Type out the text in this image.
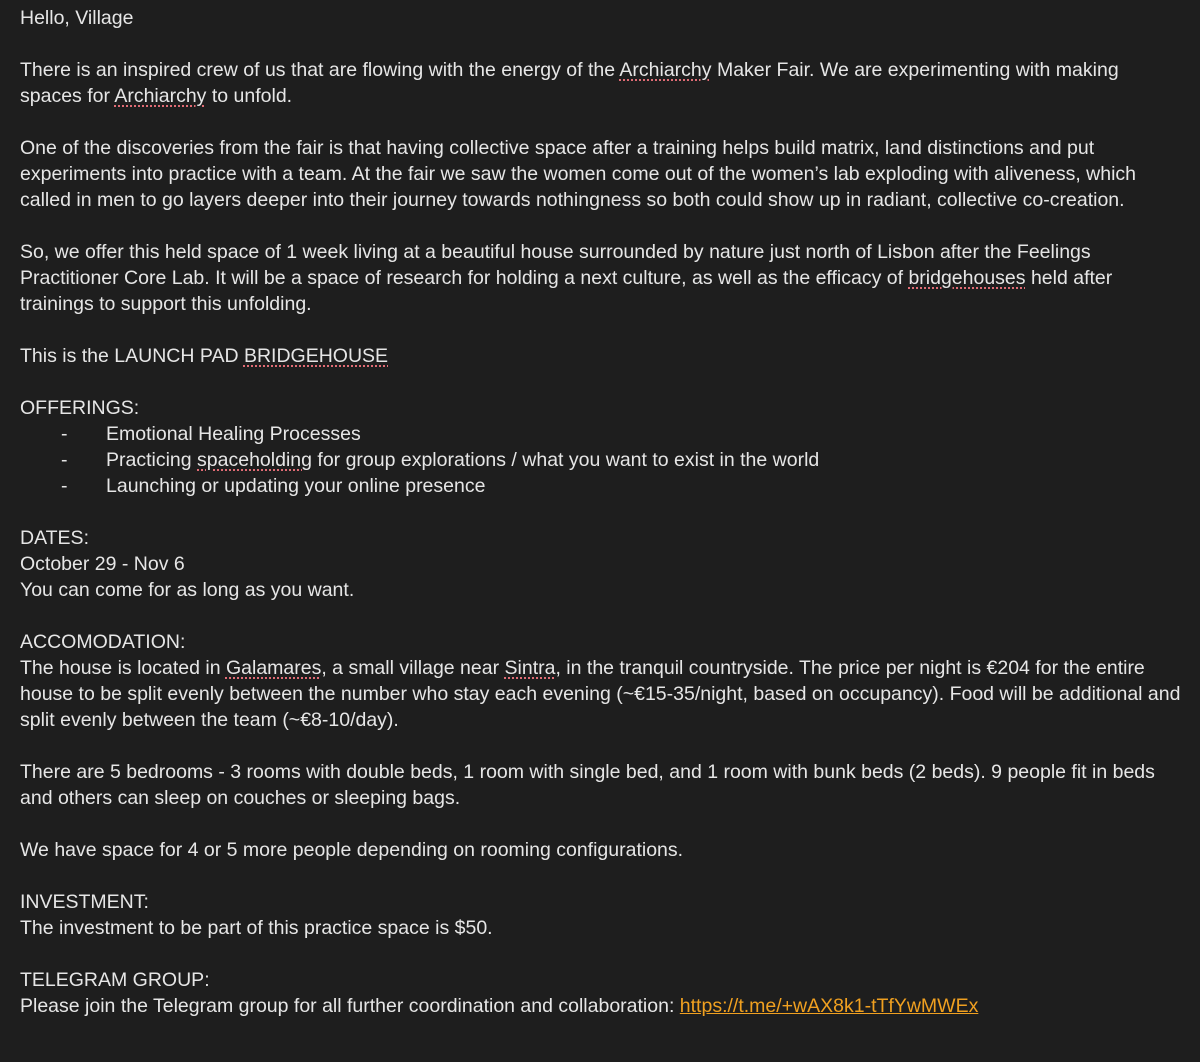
Hello, Village

There is an inspired crew of us that are flowing with the energy of the Archiarchy Maker Fair. We are experimenting with making spaces for Archiarchy to unfold.

One of the discoveries from the fair is that having collective space after a training helps build matrix, land distinctions and put experiments into practice with a team. At the fair we saw the women come out of the women’s lab exploding with aliveness, which called in men to go layers deeper into their journey towards nothingness so both could show up in radiant, collective co-creation.

So, we offer this held space of 1 week living at a beautiful house surrounded by nature just north of Lisbon after the Feelings Practitioner Core Lab. It will be a space of research for holding a next culture, as well as the efficacy of bridgehouses held after trainings to support this unfolding.

This is the LAUNCH PAD BRIDGEHOUSE

OFFERINGS:

- Emotional Healing Processes
- Practicing spaceholding for group explorations / what you want to exist in the world
- Launching or updating your online presence

DATES:

October 29 - Nov 6

You can come for as long as you want.

ACCOMODATION:

The house is located in Galamares, a small village near Sintra, in the tranquil countryside. The price per night is €204 for the entire house to be split evenly between the number who stay each evening (~€15-35/night, based on occupancy). Food will be additional and split evenly between the team (~€8-10/day).

There are 5 bedrooms - 3 rooms with double beds, 1 room with single bed, and 1 room with bunk beds (2 beds). 9 people fit in beds and others can sleep on couches or sleeping bags.

We have space for 4 or 5 more people depending on rooming configurations.

INVESTMENT:

The investment to be part of this practice space is $50.

TELEGRAM GROUP:

Please join the Telegram group for all further coordination and collaboration: https://t.me/+wAX8k1-tTfYwMWEx
